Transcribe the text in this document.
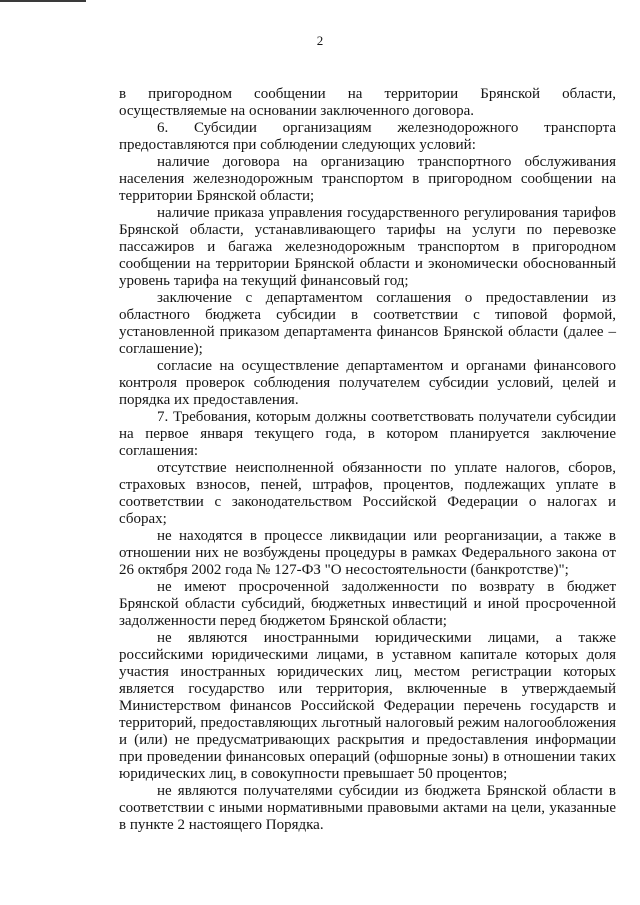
2

в пригородном сообщении на территории Брянской области, осуществляемые на основании заключенного договора.

6. Субсидии организациям железнодорожного транспорта предоставляются при соблюдении следующих условий:

наличие договора на организацию транспортного обслуживания населения железнодорожным транспортом в пригородном сообщении на территории Брянской области;

наличие приказа управления государственного регулирования тарифов Брянской области, устанавливающего тарифы на услуги по перевозке пассажиров и багажа железнодорожным транспортом в пригородном сообщении на территории Брянской области и экономически обоснованный уровень тарифа на текущий финансовый год;

заключение с департаментом соглашения о предоставлении из областного бюджета субсидии в соответствии с типовой формой, установленной приказом департамента финансов Брянской области (далее – соглашение);

согласие на осуществление департаментом и органами финансового контроля проверок соблюдения получателем субсидии условий, целей и порядка их предоставления.

7. Требования, которым должны соответствовать получатели субсидии на первое января текущего года, в котором планируется заключение соглашения:

отсутствие неисполненной обязанности по уплате налогов, сборов, страховых взносов, пеней, штрафов, процентов, подлежащих уплате в соответствии с законодательством Российской Федерации о налогах и сборах;

не находятся в процессе ликвидации или реорганизации, а также в отношении них не возбуждены процедуры в рамках Федерального закона от 26 октября 2002 года № 127-ФЗ "О несостоятельности (банкротстве)";

не имеют просроченной задолженности по возврату в бюджет Брянской области субсидий, бюджетных инвестиций и иной просроченной задолженности перед бюджетом Брянской области;

не являются иностранными юридическими лицами, а также российскими юридическими лицами, в уставном капитале которых доля участия иностранных юридических лиц, местом регистрации которых является государство или территория, включенные в утверждаемый Министерством финансов Российской Федерации перечень государств и территорий, предоставляющих льготный налоговый режим налогообложения и (или) не предусматривающих раскрытия и предоставления информации при проведении финансовых операций (офшорные зоны) в отношении таких юридических лиц, в совокупности превышает 50 процентов;

не являются получателями субсидии из бюджета Брянской области в соответствии с иными нормативными правовыми актами на цели, указанные в пункте 2 настоящего Порядка.
